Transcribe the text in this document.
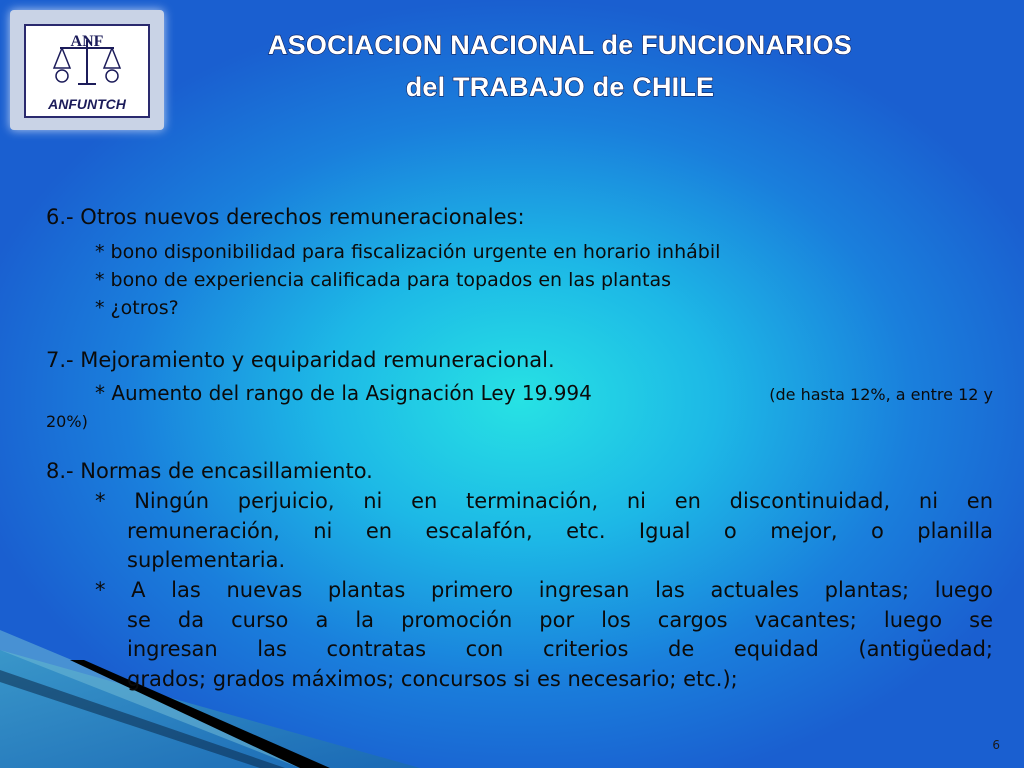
ANF
ANFUNTCH
ASOCIACION NACIONAL de FUNCIONARIOS
del TRABAJO de CHILE
6.- Otros nuevos derechos remuneracionales:
* bono disponibilidad para fiscalización urgente en horario inhábil
* bono de experiencia calificada para topados en las plantas
* ¿otros?
7.- Mejoramiento y equiparidad remuneracional.
* Aumento del rango de la Asignación Ley 19.994	(de hasta 12%, a entre 12 y
20%)
8.- Normas de encasillamiento.
* Ningún perjuicio, ni en terminación, ni en discontinuidad, ni en
remuneración, ni en escalafón, etc. Igual o mejor, o planilla
suplementaria.
* A las nuevas plantas primero ingresan las actuales plantas; luego
se da curso a la promoción por los cargos vacantes; luego se
ingresan las contratas con criterios de equidad (antigüedad;
grados; grados máximos; concursos si es necesario; etc.);
6
